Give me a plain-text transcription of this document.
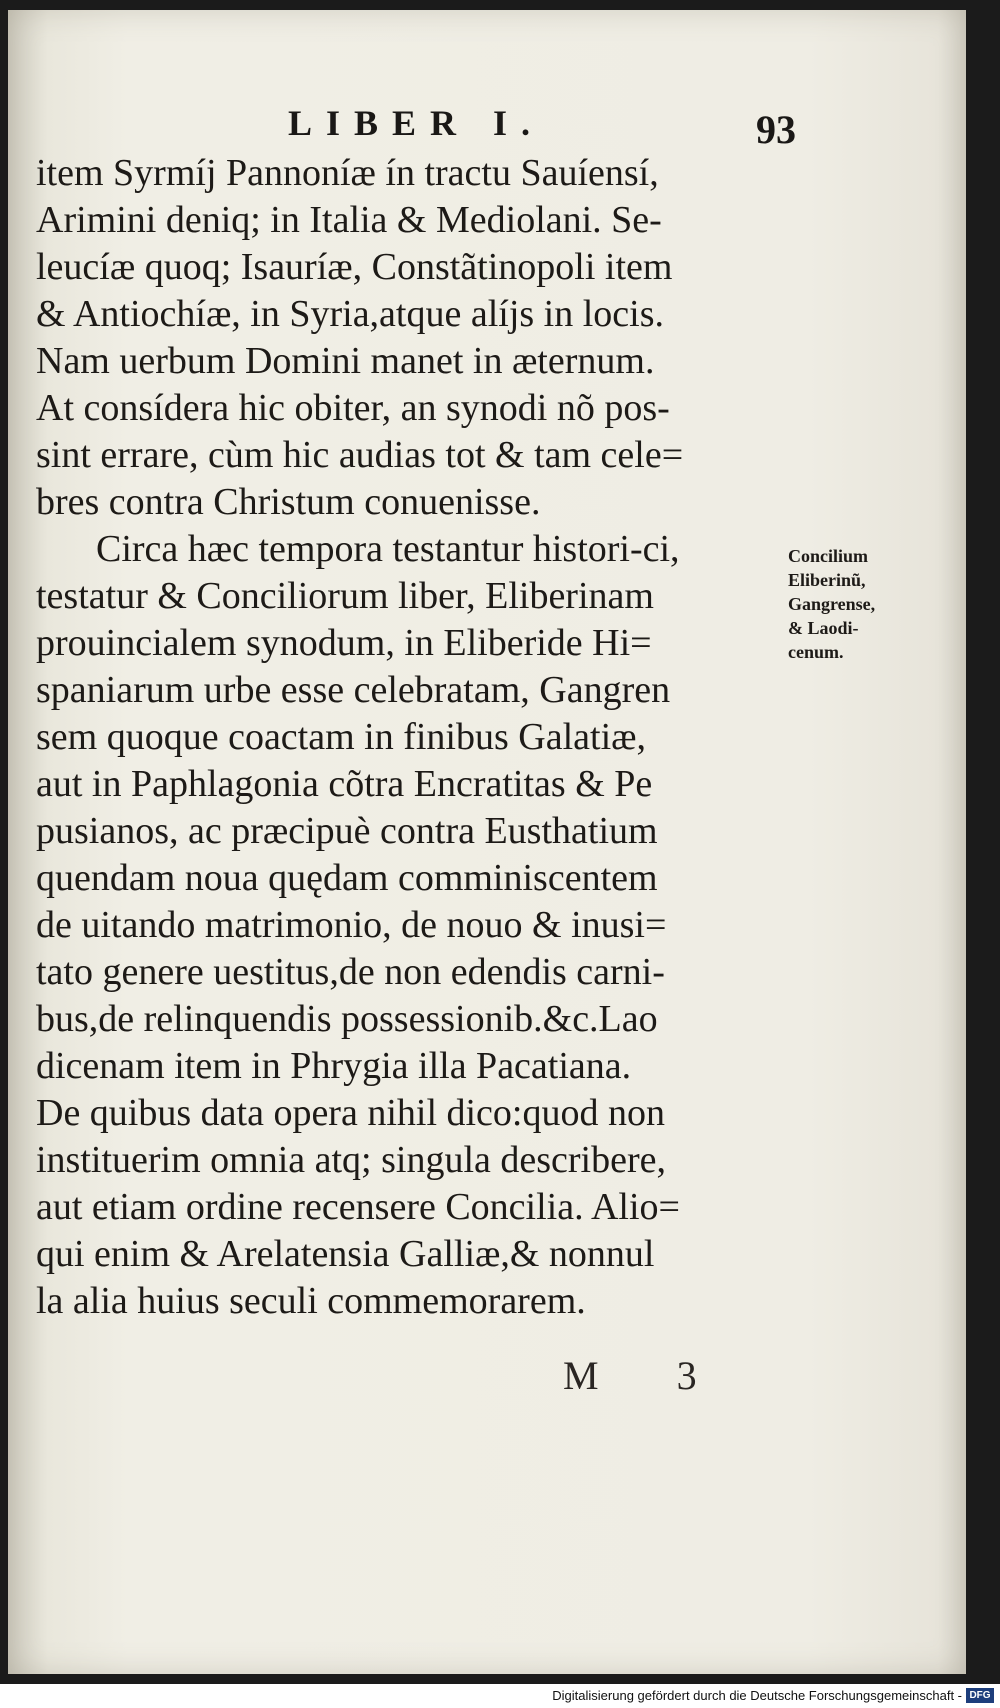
LIBER I.	93
item Syrmíj Pannoníæ ín tractu Sauíensí,
Arimini deniq; in Italia & Mediolani. Se-
leucíæ quoq; Isauríæ, Constãtinopoli item
& Antiochíæ, in Syria,atque alíjs in locis.
Nam uerbum Domini manet in æternum.
At consídera hic obiter, an synodi nõ pos-
sint errare, cùm hic audias tot & tam cele=
bres contra Christum conuenisse.
Circa hæc tempora testantur histori-ci,
testatur & Conciliorum liber, Eliberinam
prouincialem synodum, in Eliberide Hi=
spaniarum urbe esse celebratam, Gangren
sem quoque coactam in finibus Galatiæ,
aut in Paphlagonia cõtra Encratitas & Pe
pusianos, ac præcipuè contra Eusthatium
quendam noua quędam comminiscentem
de uitando matrimonio, de nouo & inusi=
tato genere uestitus,de non edendis carni-
bus,de relinquendis possessionib.&c.Lao
dicenam item in Phrygia illa Pacatiana.
De quibus data opera nihil dico:quod non
instituerim omnia atq; singula describere,
aut etiam ordine recensere Concilia. Alio=
qui enim & Arelatensia Galliæ,& nonnul
la alia huius seculi commemorarem.
Concilium
Eliberinũ,
Gangrense,
& Laodi-
cenum.
M 3
Digitalisierung gefördert durch die Deutsche Forschungsgemeinschaft - DFG
